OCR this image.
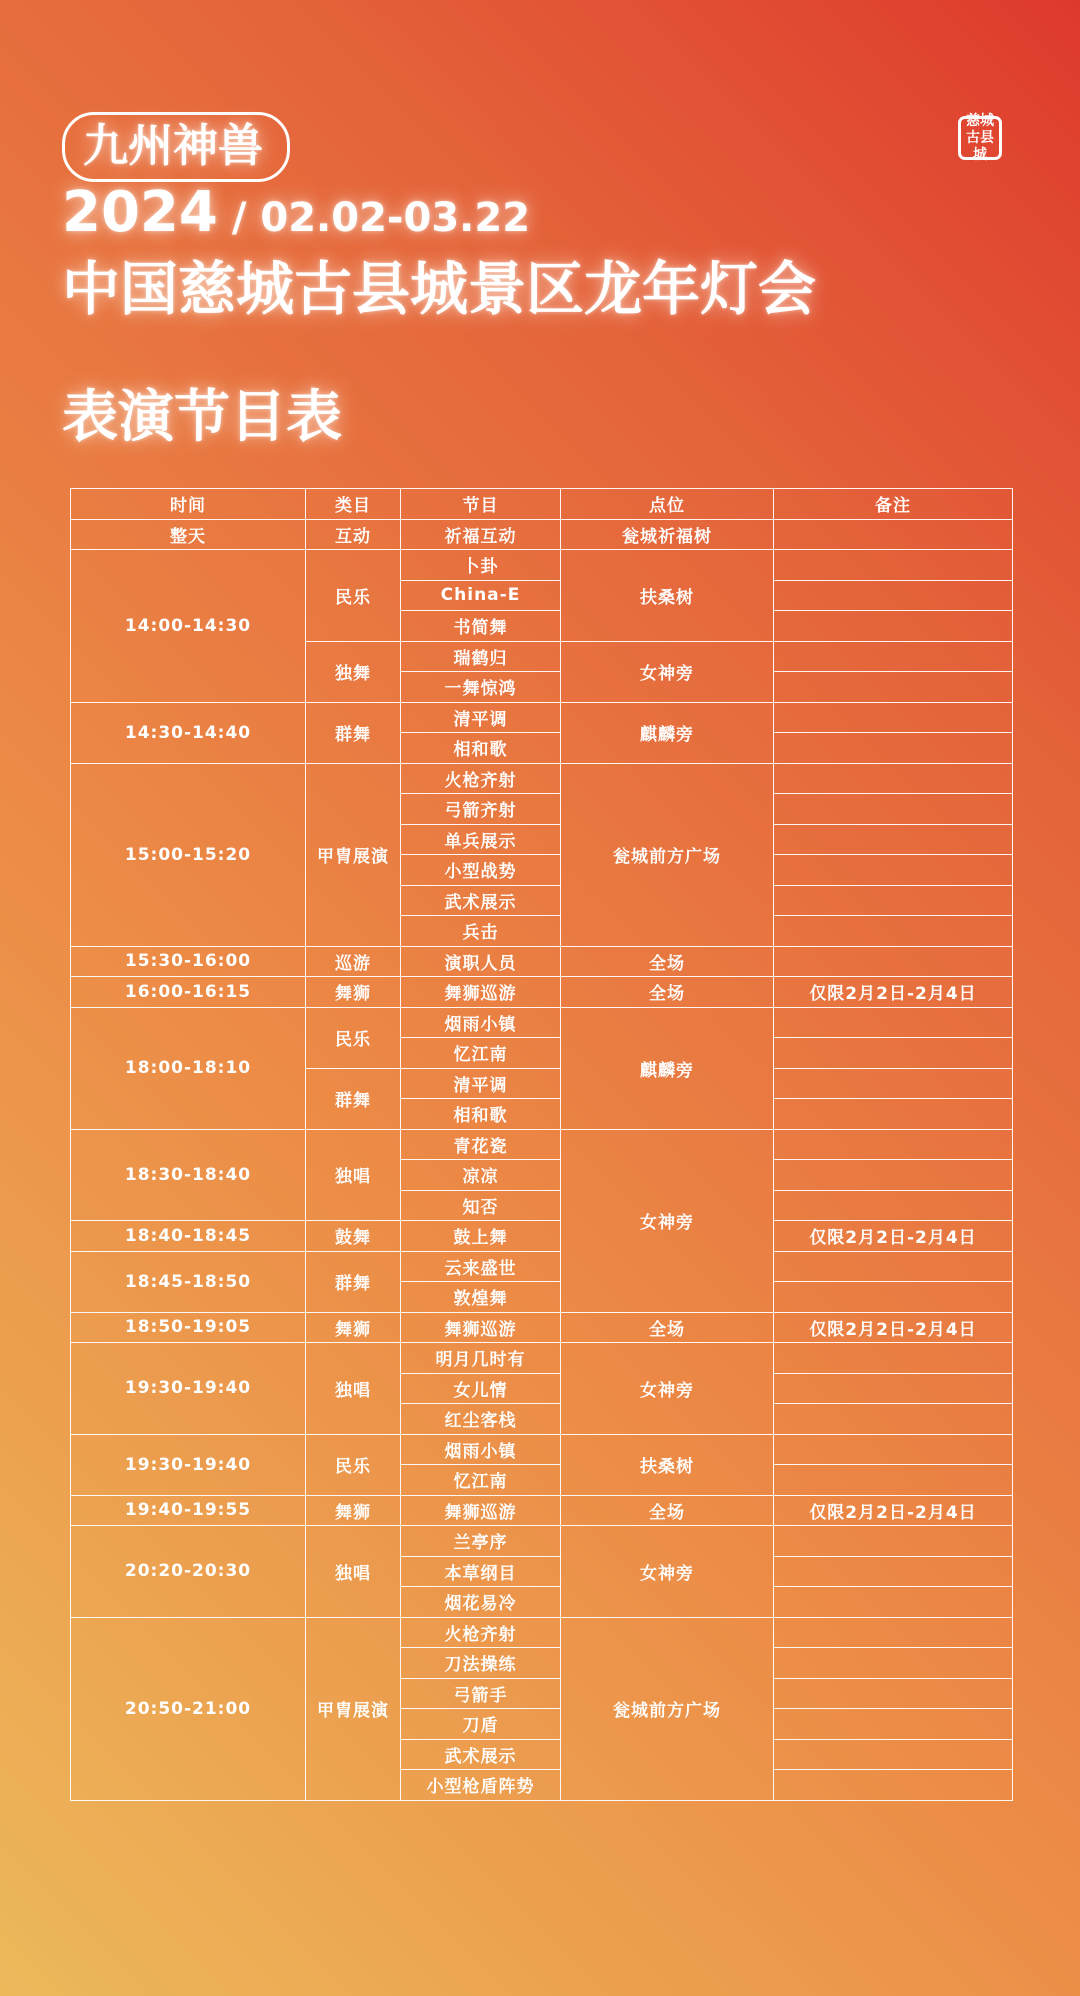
九州神兽	慈城
古县城
2024 / 02.02-03.22
中国慈城古县城景区龙年灯会
表演节目表
时间	类目	节目	点位	备注
整天	互动	祈福互动	瓮城祈福树	
14:00-14:30	民乐	卜卦	扶桑树	
		China-E		
		书简舞		
	独舞	瑞鹤归	女神旁	
		一舞惊鸿		
14:30-14:40	群舞	清平调	麒麟旁	
		相和歌		
15:00-15:20	甲胄展演	火枪齐射	瓮城前方广场	
		弓箭齐射		
		单兵展示		
		小型战势		
		武术展示		
		兵击		
15:30-16:00	巡游	演职人员	全场	
16:00-16:15	舞狮	舞狮巡游	全场	仅限2月2日-2月4日
18:00-18:10	民乐	烟雨小镇	麒麟旁	
		忆江南		
	群舞	清平调		
		相和歌		
18:30-18:40	独唱	青花瓷	女神旁	
		凉凉		
		知否		
18:40-18:45	鼓舞	鼓上舞		仅限2月2日-2月4日
18:45-18:50	群舞	云来盛世		
		敦煌舞		
18:50-19:05	舞狮	舞狮巡游	全场	仅限2月2日-2月4日
19:30-19:40	独唱	明月几时有	女神旁	
		女儿情		
		红尘客栈		
19:30-19:40	民乐	烟雨小镇	扶桑树	
		忆江南		
19:40-19:55	舞狮	舞狮巡游	全场	仅限2月2日-2月4日
20:20-20:30	独唱	兰亭序	女神旁	
		本草纲目		
		烟花易冷		
20:50-21:00	甲胄展演	火枪齐射	瓮城前方广场	
		刀法操练		
		弓箭手		
		刀盾		
		武术展示		
		小型枪盾阵势		
